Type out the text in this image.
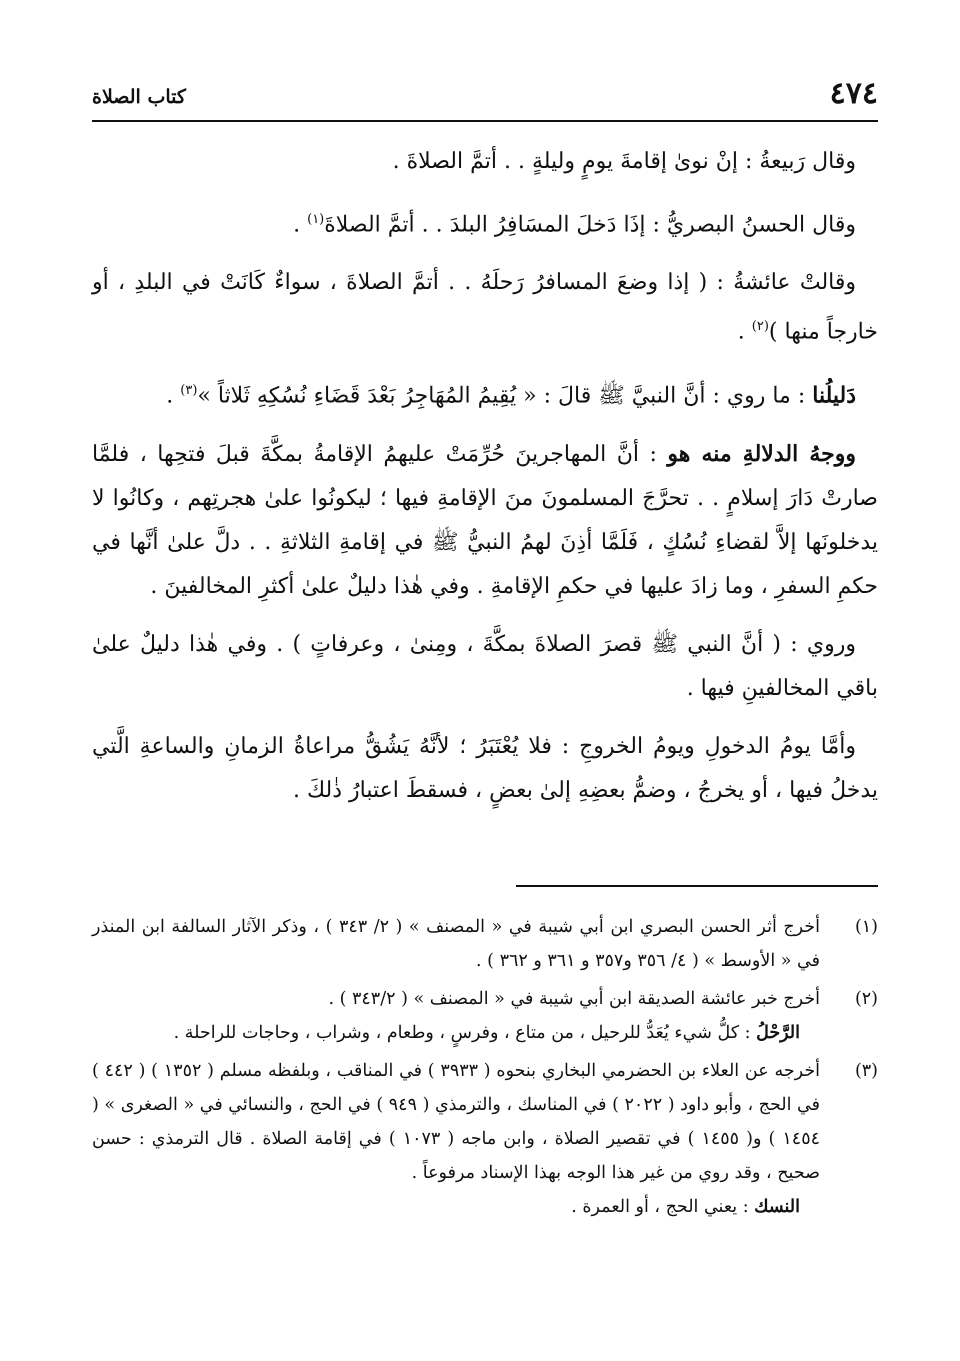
٤٧٤
كتاب الصلاة

وقال رَبيعةُ : إنْ نوىٰ إقامةَ يومٍ وليلةٍ . . أتمَّ الصلاةَ .

وقال الحسنُ البصريُّ : إذَا دَخلَ المسَافِرُ البلدَ . . أتمَّ الصلاةَ$^{(١)}$ .

وقالتْ عائشةُ : ( إذا وضعَ المسافرُ رَحلَهُ . . أتمَّ الصلاةَ ، سواءٌ كَانَتْ في البلدِ ، أو خارجاً منها )$^{(٢)}$ .

دَليلُنا : ما روي : أنَّ النبيَّ ﷺ قالَ : « يُقِيمُ المُهَاجِرُ بَعْدَ قَضَاءِ نُسُكِهِ ثَلاثاً »$^{(٣)}$ .

ووجهُ الدلالةِ منه هو : أنَّ المهاجرينَ حُرِّمَتْ عليهمُ الإقامةُ بمكَّةَ قبلَ فتحِها ، فلمَّا صارتْ دَارَ إسلامٍ . . تحرَّجَ المسلمونَ منَ الإقامةِ فيها ؛ ليكونُوا علىٰ هجرتِهم ، وكانُوا لا يدخلونَها إلاَّ لقضاءِ نُسُكٍ ، فَلَمَّا أذِنَ لهمُ النبيُّ ﷺ في إقامةِ الثلاثةِ . . دلَّ علىٰ أنَّها في حكمِ السفرِ ، وما زادَ عليها في حكمِ الإقامةِ . وفي هٰذا دليلٌ علىٰ أكثرِ المخالفينَ .

وروي : ( أنَّ النبي ﷺ قصرَ الصلاةَ بمكَّةَ ، ومِنىٰ ، وعرفاتٍ ) . وفي هٰذا دليلٌ علىٰ باقي المخالفينِ فيها .

وأمَّا يومُ الدخولِ ويومُ الخروجِ : فلا يُعْتَبَرُ ؛ لأنَّهُ يَشُقُّ مراعاةُ الزمانِ والساعةِ الَّتي يدخلُ فيها ، أو يخرجُ ، وضمُّ بعضِهِ إلىٰ بعضٍ ، فسقطَ اعتبارُ ذٰلكَ .

(١)
أخرج أثر الحسن البصري ابن أبي شيبة في « المصنف » ( ٢/ ٣٤٣ ) ، وذكر الآثار السالفة ابن المنذر في « الأوسط » ( ٤/ ٣٥٦ و٣٥٧ و ٣٦١ و ٣٦٢ ) .
(٢)
أخرج خبر عائشة الصديقة ابن أبي شيبة في « المصنف » ( ٣٤٣/٢ ) .

الرَّحْلُ : كلُّ شيء يُعَدُّ للرحيل ، من متاع ، وفرسٍ ، وطعام ، وشراب ، وحاجات للراحلة .

(٣)
أخرجه عن العلاء بن الحضرمي البخاري بنحوه ( ٣٩٣٣ ) في المناقب ، وبلفظه مسلم ( ١٣٥٢ ) ( ٤٤٢ ) في الحج ، وأبو داود ( ٢٠٢٢ ) في المناسك ، والترمذي ( ٩٤٩ ) في الحج ، والنسائي في « الصغرى » ( ١٤٥٤ ) و( ١٤٥٥ ) في تقصير الصلاة ، وابن ماجه ( ١٠٧٣ ) في إقامة الصلاة . قال الترمذي : حسن صحيح ، وقد روي من غير هذا الوجه بهذا الإسناد مرفوعاً .

النسك : يعني الحج ، أو العمرة .
